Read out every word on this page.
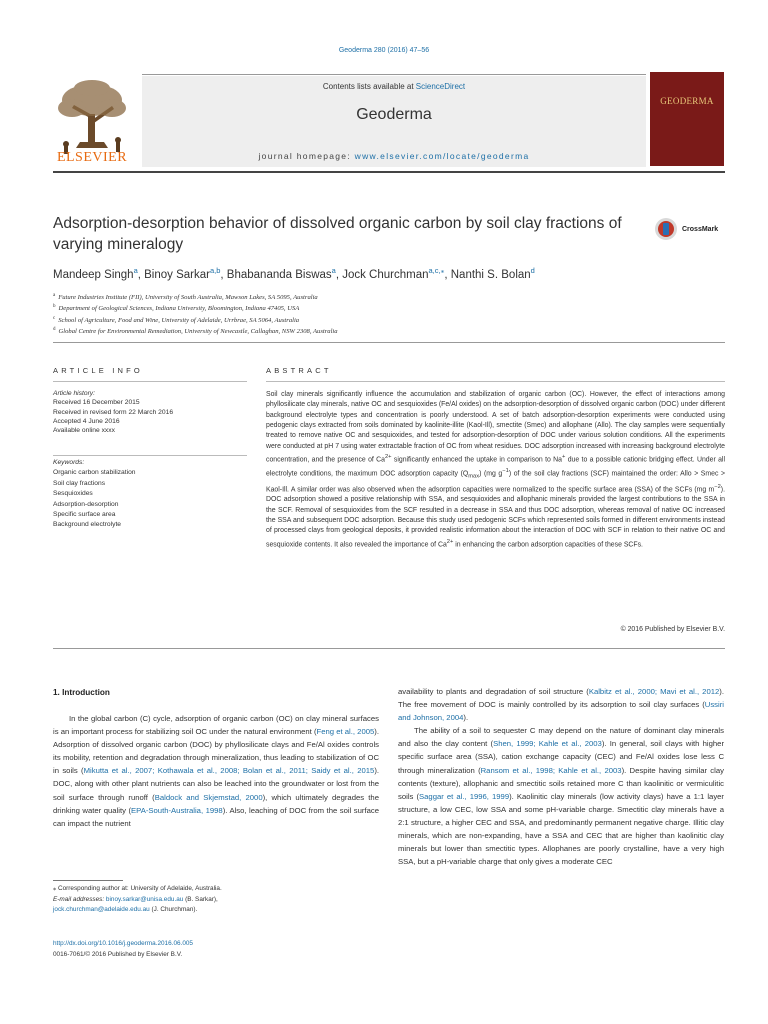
Geoderma 280 (2016) 47–56
Contents lists available at ScienceDirect
Geoderma
journal homepage: www.elsevier.com/locate/geoderma
ELSEVIER
GEODERMA
Adsorption-desorption behavior of dissolved organic carbon by soil clay fractions of varying mineralogy
CrossMark
Mandeep Singh$^a$, Binoy Sarkar$^{a,b}$, Bhabananda Biswas$^a$, Jock Churchman$^{a,c,⁎}$, Nanthi S. Bolan$^d$
$^a$ Future Industries Institute (FII), University of South Australia, Mawson Lakes, SA 5095, Australia
$^b$ Department of Geological Sciences, Indiana University, Bloomington, Indiana 47405, USA
$^c$ School of Agriculture, Food and Wine, University of Adelaide, Urrbrae, SA 5064, Australia
$^d$ Global Centre for Environmental Remediation, University of Newcastle, Callaghan, NSW 2308, Australia
ARTICLE INFO	ABSTRACT
Article history:
Received 16 December 2015
Received in revised form 22 March 2016
Accepted 4 June 2016
Available online xxxx
Keywords:
Organic carbon stabilization
Soil clay fractions
Sesquioxides
Adsorption-desorption
Specific surface area
Background electrolyte
Soil clay minerals significantly influence the accumulation and stabilization of organic carbon (OC). However, the effect of interactions among phyllosilicate clay minerals, native OC and sesquioxides (Fe/Al oxides) on the adsorption-desorption of dissolved organic carbon (DOC) under different background electrolyte types and concentration is poorly understood. A set of batch adsorption-desorption experiments were conducted using pedogenic clays extracted from soils dominated by kaolinite-illite (Kaol-Ill), smectite (Smec) and allophane (Allo). The clay samples were sequentially treated to remove native OC and sesquioxides, and tested for adsorption-desorption of DOC under various solution conditions. All the experiments were conducted at pH 7 using water extractable fraction of OC from wheat residues. DOC adsorption increased with increasing background electrolyte concentration, and the presence of $Ca^{2+}$ significantly enhanced the uptake in comparison to Na+ due to a possible cationic bridging effect. Under all electrolyte conditions, the maximum DOC adsorption capacity $(Q_{max})$ (mg $g^{-1}$) of the soil clay fractions (SCF) maintained the order: Allo > Smec > Kaol-Ill. A similar order was also observed when the adsorption capacities were normalized to the specific surface area (SSA) of the SCFs (mg $m^{-2}$). DOC adsorption showed a positive relationship with SSA, and sesquioxides and allophanic minerals provided the largest contributions to the SSA in the SCF. Removal of sesquioxides from the SCF resulted in a decrease in SSA and thus DOC adsorption, whereas removal of native OC increased the SSA and subsequent DOC adsorption. Because this study used pedogenic SCFs which represented soils formed in different environments instead of processed clays from geological deposits, it provided realistic information about the interaction of DOC with SCF in relation to their native OC and sesquioxide contents. It also revealed the importance of $Ca^{2+}$ in enhancing the carbon adsorption capacities of these SCFs.
© 2016 Published by Elsevier B.V.
1. Introduction
In the global carbon (C) cycle, adsorption of organic carbon (OC) on clay mineral surfaces is an important process for stabilizing soil OC under the natural environment (Feng et al., 2005). Adsorption of dissolved organic carbon (DOC) by phyllosilicate clays and Fe/Al oxides controls its mobility, retention and degradation through mineralization, thus leading to stabilization of OC in soils (Mikutta et al., 2007; Kothawala et al., 2008; Bolan et al., 2011; Saidy et al., 2015). DOC, along with other plant nutrients can also be leached into the groundwater or lost from the soil surface through runoff (Baldock and Skjemstad, 2000), which ultimately degrades the drinking water quality (EPA-South-Australia, 1998). Also, leaching of DOC from the soil surface can impact the nutrient
availability to plants and degradation of soil structure (Kalbitz et al., 2000; Mavi et al., 2012). The free movement of DOC is mainly controlled by its adsorption to soil clay surfaces (Ussiri and Johnson, 2004).
The ability of a soil to sequester C may depend on the nature of dominant clay minerals and also the clay content (Shen, 1999; Kahle et al., 2003). In general, soil clays with higher specific surface area (SSA), cation exchange capacity (CEC) and Fe/Al oxides lose less C through mineralization (Ransom et al., 1998; Kahle et al., 2003). Despite having similar clay contents (texture), allophanic and smectitic soils retained more C than kaolinitic or vermiculitic soils (Saggar et al., 1996, 1999). Kaolinitic clay minerals (low activity clays) have a 1:1 layer structure, a low CEC, low SSA and some pH-variable charge. Smectitic clay minerals have a 2:1 structure, a higher CEC and SSA, and predominantly permanent negative charge. Illitic clay minerals, which are non-expanding, have a SSA and CEC that are higher than kaolinitic clay minerals but lower than smectitic types. Allophanes are poorly crystalline, have a very high SSA, but a pH-variable charge that only gives a moderate CEC
⁎ Corresponding author at: University of Adelaide, Australia.
E-mail addresses: binoy.sarkar@unisa.edu.au (B. Sarkar),
jock.churchman@adelaide.edu.au (J. Churchman).
http://dx.doi.org/10.1016/j.geoderma.2016.06.005
0016-7061/© 2016 Published by Elsevier B.V.
